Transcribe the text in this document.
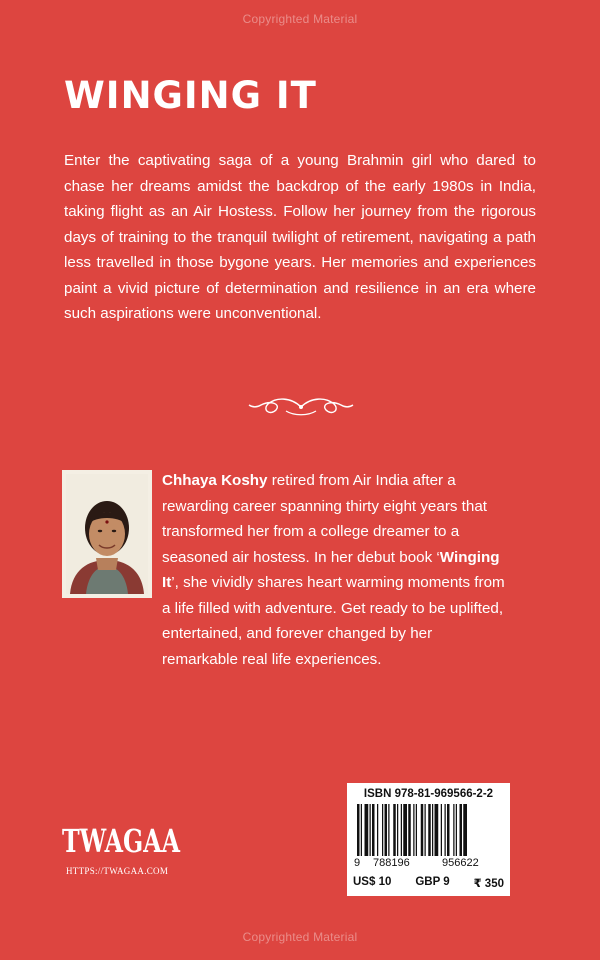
Copyrighted Material
WINGING IT

Enter the captivating saga of a young Brahmin girl who dared to chase her dreams amidst the backdrop of the early 1980s in India, taking flight as an Air Hostess. Follow her journey from the rigorous days of training to the tranquil twilight of retirement, navigating a path less travelled in those bygone years. Her memories and experiences paint a vivid picture of determination and resilience in an era where such aspirations were unconventional.

Chhaya Koshy retired from Air India after a rewarding career spanning thirty eight years that transformed her from a college dreamer to a seasoned air hostess. In her debut book ‘Winging It’, she vividly shares heart warming moments from a life filled with adventure. Get ready to be uplifted, entertained, and forever changed by her remarkable real life experiences.

TWAGAA
HTTPS://TWAGAA.COM
ISBN 978-81-969566-2-2
9 788196	956622
US$ 10 GBP 9 ₹ 350
Copyrighted Material
